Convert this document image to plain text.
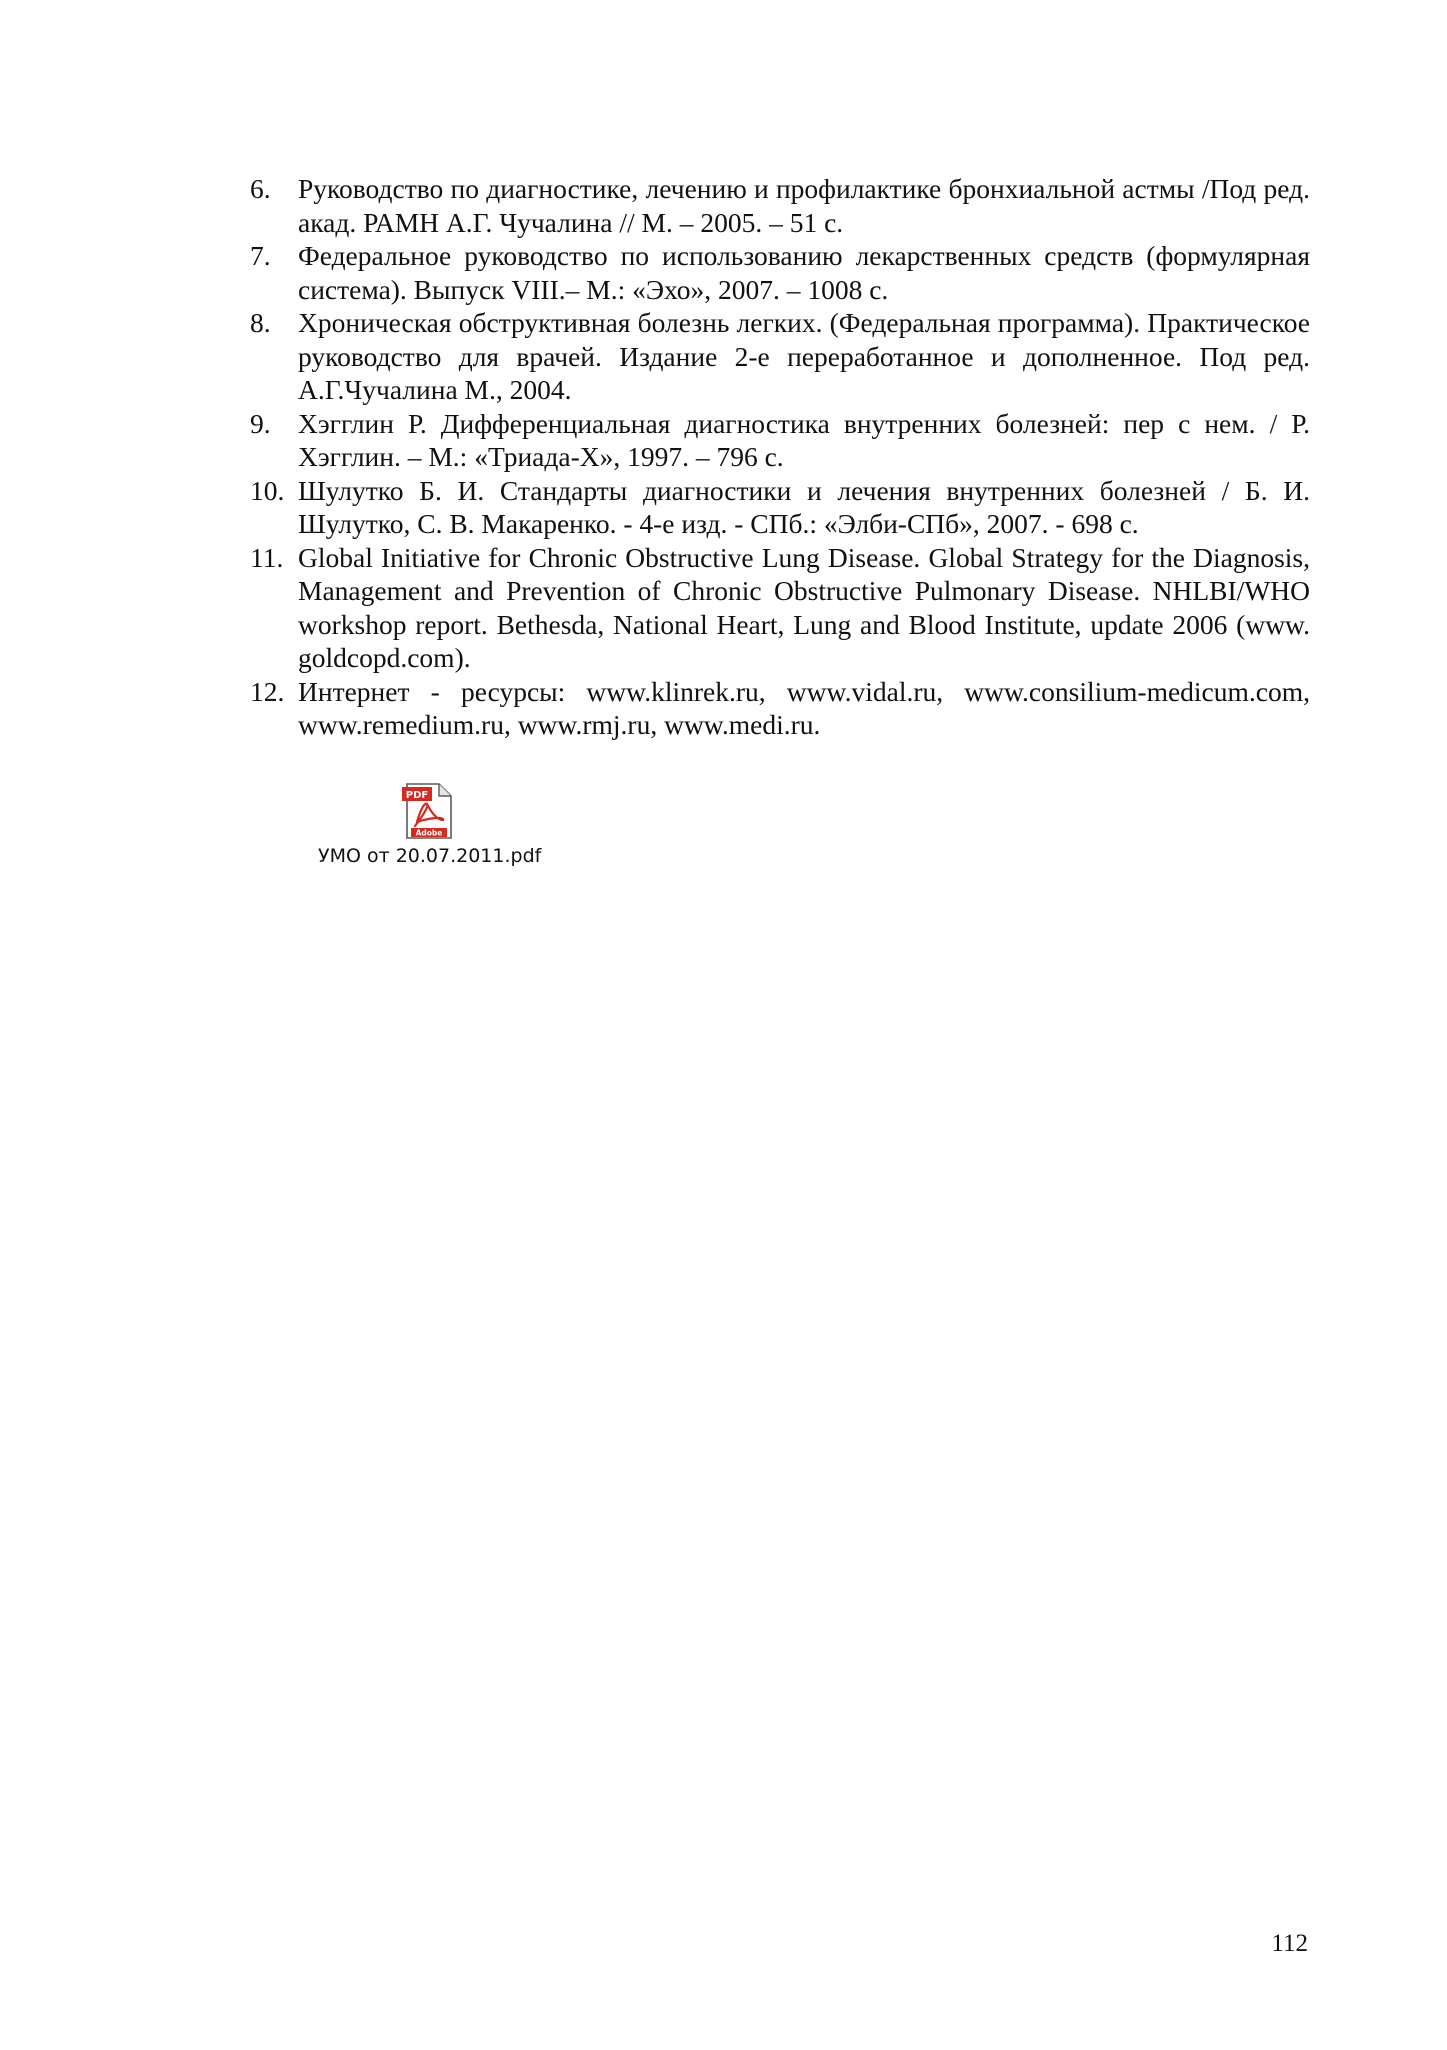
6. Руководство по диагностике, лечению и профилактике бронхиальной астмы /Под ред. акад. РАМН А.Г. Чучалина // М. – 2005. – 51 с.
7. Федеральное руководство по использованию лекарственных средств (формулярная система). Выпуск VIII.– М.: «Эхо», 2007. – 1008 с.
8. Хроническая обструктивная болезнь легких. (Федеральная программа). Практическое руководство для врачей. Издание 2-е переработанное и дополненное. Под ред. А.Г.Чучалина М., 2004.
9. Хэгглин Р. Дифференциальная диагностика внутренних болезней: пер с нем. / Р. Хэгглин. – М.: «Триада-Х», 1997. – 796 с.
10. Шулутко Б. И. Стандарты диагностики и лечения внутренних болезней / Б. И. Шулутко, С. В. Макаренко. - 4-е изд. - СПб.: «Элби-СПб», 2007. - 698 с.
11. Global Initiative for Chronic Obstructive Lung Disease. Global Strategy for the Diagnosis, Management and Prevention of Chronic Obstructive Pulmonary Disease. NHLBI/WHO workshop report. Bethesda, National Heart, Lung and Blood Institute, update 2006 (www. goldcopd.com).
12. Интернет - ресурсы: www.klinrek.ru, www.vidal.ru, www.consilium-medicum.com, www.remedium.ru, www.rmj.ru, www.medi.ru.
PDF
Adobe
УМО от 20.07.2011.pdf
112
